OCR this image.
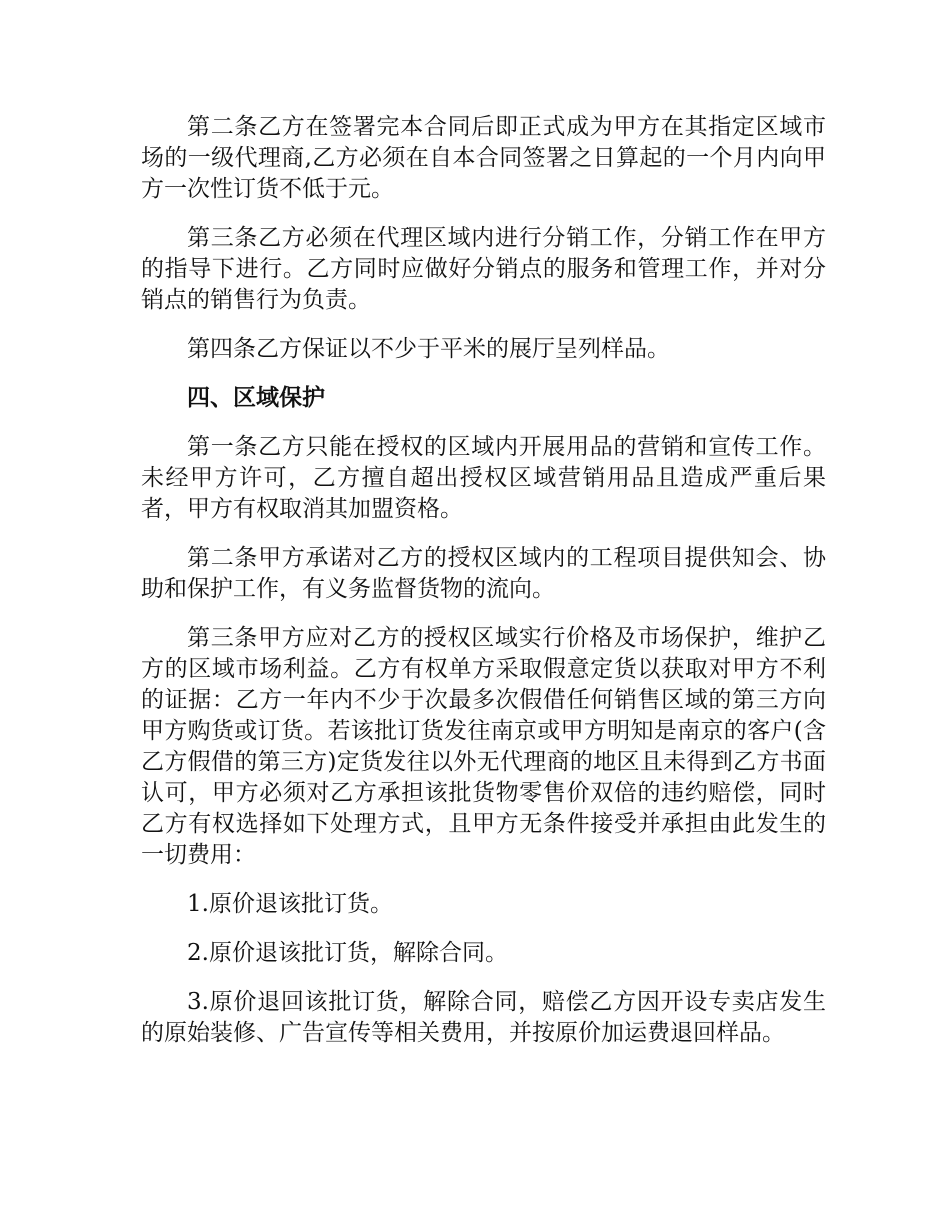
第二条乙方在签署完本合同后即正式成为甲方在其指定区域市场的一级代理商,乙方必须在自本合同签署之日算起的一个月内向甲方一次性订货不低于元。

第三条乙方必须在代理区域内进行分销工作，分销工作在甲方的指导下进行。乙方同时应做好分销点的服务和管理工作，并对分销点的销售行为负责。

第四条乙方保证以不少于平米的展厅呈列样品。

四、区域保护

第一条乙方只能在授权的区域内开展用品的营销和宣传工作。未经甲方许可，乙方擅自超出授权区域营销用品且造成严重后果者，甲方有权取消其加盟资格。

第二条甲方承诺对乙方的授权区域内的工程项目提供知会、协助和保护工作，有义务监督货物的流向。

第三条甲方应对乙方的授权区域实行价格及市场保护，维护乙方的区域市场利益。乙方有权单方采取假意定货以获取对甲方不利的证据：乙方一年内不少于次最多次假借任何销售区域的第三方向甲方购货或订货。若该批订货发往南京或甲方明知是南京的客户(含乙方假借的第三方)定货发往以外无代理商的地区且未得到乙方书面认可，甲方必须对乙方承担该批货物零售价双倍的违约赔偿，同时乙方有权选择如下处理方式，且甲方无条件接受并承担由此发生的一切费用：

1.原价退该批订货。

2.原价退该批订货，解除合同。

3.原价退回该批订货，解除合同，赔偿乙方因开设专卖店发生的原始装修、广告宣传等相关费用，并按原价加运费退回样品。
